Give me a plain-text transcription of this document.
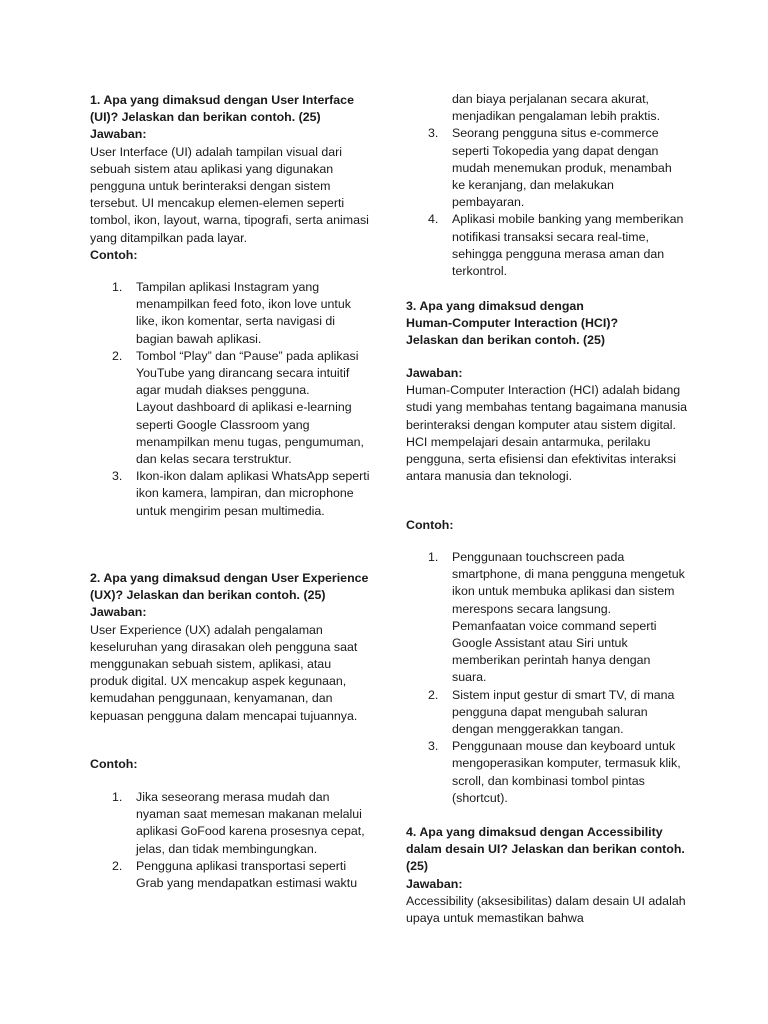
1. Apa yang dimaksud dengan User Interface (UI)? Jelaskan dan berikan contoh. (25)
Jawaban:

User Interface (UI) adalah tampilan visual dari sebuah sistem atau aplikasi yang digunakan pengguna untuk berinteraksi dengan sistem tersebut. UI mencakup elemen-elemen seperti tombol, ikon, layout, warna, tipografi, serta animasi yang ditampilkan pada layar.

Contoh:
1. Tampilan aplikasi Instagram yang menampilkan feed foto, ikon love untuk like, ikon komentar, serta navigasi di bagian bawah aplikasi.
2. Tombol “Play” dan “Pause” pada aplikasi YouTube yang dirancang secara intuitif agar mudah diakses pengguna.
Layout dashboard di aplikasi e-learning seperti Google Classroom yang menampilkan menu tugas, pengumuman, dan kelas secara terstruktur.
3. Ikon-ikon dalam aplikasi WhatsApp seperti ikon kamera, lampiran, dan microphone untuk mengirim pesan multimedia.
2. Apa yang dimaksud dengan User Experience (UX)? Jelaskan dan berikan contoh. (25)
Jawaban:

User Experience (UX) adalah pengalaman keseluruhan yang dirasakan oleh pengguna saat menggunakan sebuah sistem, aplikasi, atau produk digital. UX mencakup aspek kegunaan, kemudahan penggunaan, kenyamanan, dan kepuasan pengguna dalam mencapai tujuannya.

Contoh:
1. Jika seseorang merasa mudah dan nyaman saat memesan makanan melalui aplikasi GoFood karena prosesnya cepat, jelas, dan tidak membingungkan.
2. Pengguna aplikasi transportasi seperti Grab yang mendapatkan estimasi waktu
dan biaya perjalanan secara akurat, menjadikan pengalaman lebih praktis.
3. Seorang pengguna situs e-commerce seperti Tokopedia yang dapat dengan mudah menemukan produk, menambah ke keranjang, dan melakukan pembayaran.
4. Aplikasi mobile banking yang memberikan notifikasi transaksi secara real-time, sehingga pengguna merasa aman dan terkontrol.
3. Apa yang dimaksud dengan Human-Computer Interaction (HCI)? Jelaskan dan berikan contoh. (25)
Jawaban:

Human-Computer Interaction (HCI) adalah bidang studi yang membahas tentang bagaimana manusia berinteraksi dengan komputer atau sistem digital. HCI mempelajari desain antarmuka, perilaku pengguna, serta efisiensi dan efektivitas interaksi antara manusia dan teknologi.

Contoh:
1. Penggunaan touchscreen pada smartphone, di mana pengguna mengetuk ikon untuk membuka aplikasi dan sistem merespons secara langsung.
Pemanfaatan voice command seperti Google Assistant atau Siri untuk memberikan perintah hanya dengan suara.
2. Sistem input gestur di smart TV, di mana pengguna dapat mengubah saluran dengan menggerakkan tangan.
3. Penggunaan mouse dan keyboard untuk mengoperasikan komputer, termasuk klik, scroll, dan kombinasi tombol pintas (shortcut).
4. Apa yang dimaksud dengan Accessibility dalam desain UI? Jelaskan dan berikan contoh. (25)
Jawaban:

Accessibility (aksesibilitas) dalam desain UI adalah upaya untuk memastikan bahwa
